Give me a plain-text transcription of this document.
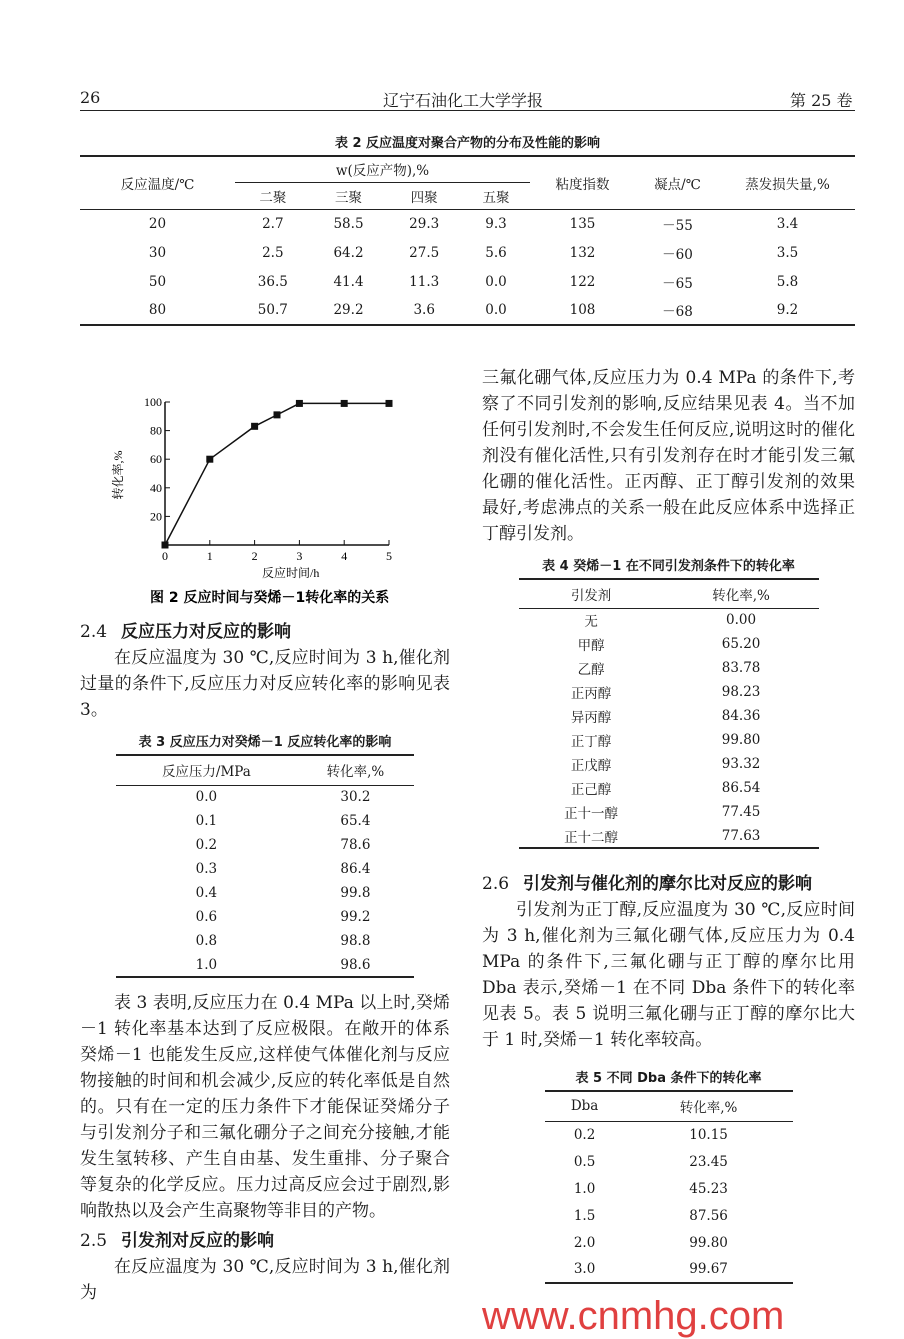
26	辽宁石油化工大学学报	第 25 卷
表 2 反应温度对聚合产物的分布及性能的影响
反应温度/℃	w(反应产物),%				粘度指数	凝点/℃	蒸发损失量,%
	二聚	三聚	四聚	五聚			
20	2.7	58.5	29.3	9.3	135	－55	3.4
30	2.5	64.2	27.5	5.6	132	－60	3.5
50	36.5	41.4	11.3	0.0	122	－65	5.8
80	50.7	29.2	3.6	0.0	108	－68	9.2
图 2 反应时间与癸烯－1转化率的关系
反应时间/h
转化率,%
0	1	2	3	4	5
20
40
60
80
100
2.4 反应压力对反应的影响

在反应温度为 30 ℃,反应时间为 3 h,催化剂过量的条件下,反应压力对反应转化率的影响见表 3。

表 3 反应压力对癸烯－1 反应转化率的影响
反应压力/MPa	转化率,%
0.0	30.2
0.1	65.4
0.2	78.6
0.3	86.4
0.4	99.8
0.6	99.2
0.8	98.8
1.0	98.6

表 3 表明,反应压力在 0.4 MPa 以上时,癸烯－1 转化率基本达到了反应极限。在敞开的体系癸烯－1 也能发生反应,这样使气体催化剂与反应物接触的时间和机会减少,反应的转化率低是自然的。只有在一定的压力条件下才能保证癸烯分子与引发剂分子和三氟化硼分子之间充分接触,才能发生氢转移、产生自由基、发生重排、分子聚合等复杂的化学反应。压力过高反应会过于剧烈,影响散热以及会产生高聚物等非目的产物。

2.5 引发剂对反应的影响

在反应温度为 30 ℃,反应时间为 3 h,催化剂为

三氟化硼气体,反应压力为 0.4 MPa 的条件下,考察了不同引发剂的影响,反应结果见表 4。当不加任何引发剂时,不会发生任何反应,说明这时的催化剂没有催化活性,只有引发剂存在时才能引发三氟化硼的催化活性。正丙醇、正丁醇引发剂的效果最好,考虑沸点的关系一般在此反应体系中选择正丁醇引发剂。

表 4 癸烯－1 在不同引发剂条件下的转化率
引发剂	转化率,%
无	0.00
甲醇	65.20
乙醇	83.78
正丙醇	98.23
异丙醇	84.36
正丁醇	99.80
正戊醇	93.32
正己醇	86.54
正十一醇	77.45
正十二醇	77.63
2.6 引发剂与催化剂的摩尔比对反应的影响

引发剂为正丁醇,反应温度为 30 ℃,反应时间为 3 h,催化剂为三氟化硼气体,反应压力为 0.4 MPa 的条件下,三氟化硼与正丁醇的摩尔比用 Dba 表示,癸烯－1 在不同 Dba 条件下的转化率见表 5。表 5 说明三氟化硼与正丁醇的摩尔比大于 1 时,癸烯－1 转化率较高。

表 5 不同 Dba 条件下的转化率
Dba	转化率,%
0.2	10.15
0.5	23.45
1.0	45.23
1.5	87.56
2.0	99.80
3.0	99.67
www.cnmhg.com
